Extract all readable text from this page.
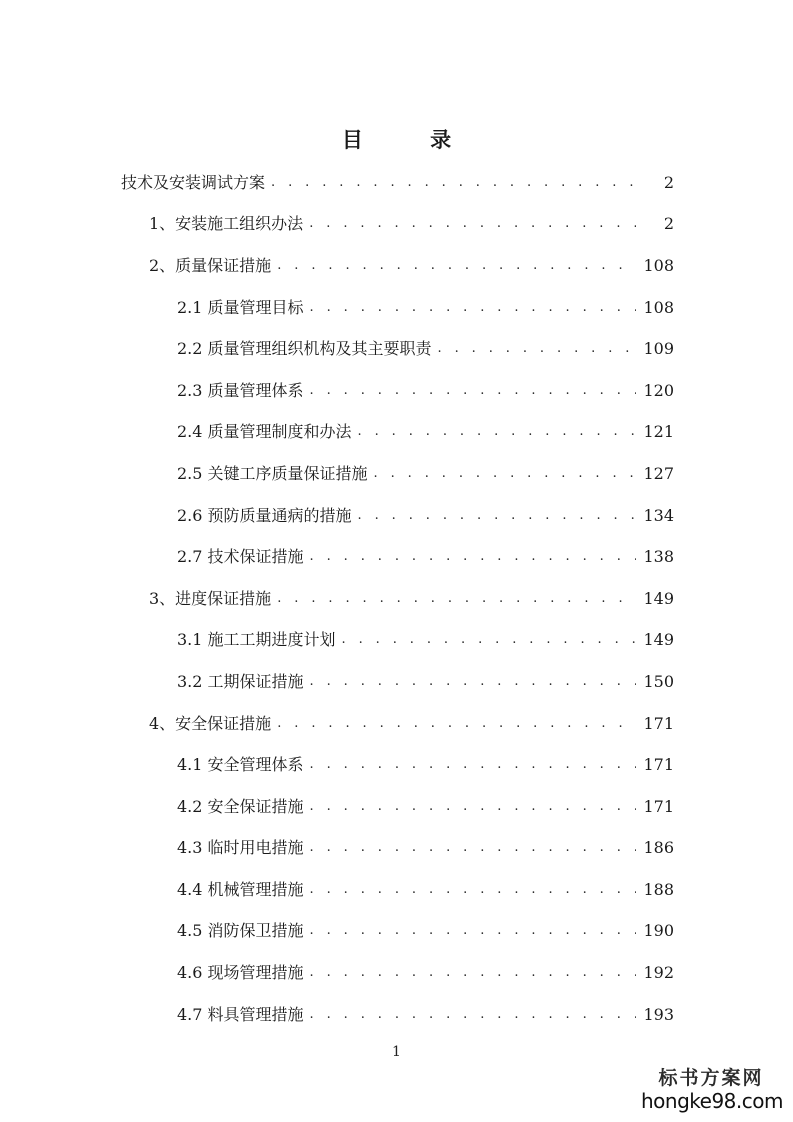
目 录
技术及安装调试方案 . . .	2
1、安装施工组织办法 . . .	2
2、质量保证措施 . . .	108
2.1 质量管理目标 . . .	108
2.2 质量管理组织机构及其主要职责 . . .	109
2.3 质量管理体系 . . .	120
2.4 质量管理制度和办法 . . .	121
2.5 关键工序质量保证措施 . . .	127
2.6 预防质量通病的措施 . . .	134
2.7 技术保证措施 . . .	138
3、进度保证措施 . . .	149
3.1 施工工期进度计划 . . .	149
3.2 工期保证措施 . . .	150
4、安全保证措施 . . .	171
4.1 安全管理体系 . . .	171
4.2 安全保证措施 . . .	171
4.3 临时用电措施 . . .	186
4.4 机械管理措施 . . .	188
4.5 消防保卫措施 . . .	190
4.6 现场管理措施 . . .	192
4.7 料具管理措施 . . .	193
1
标书方案网
hongke98.com
